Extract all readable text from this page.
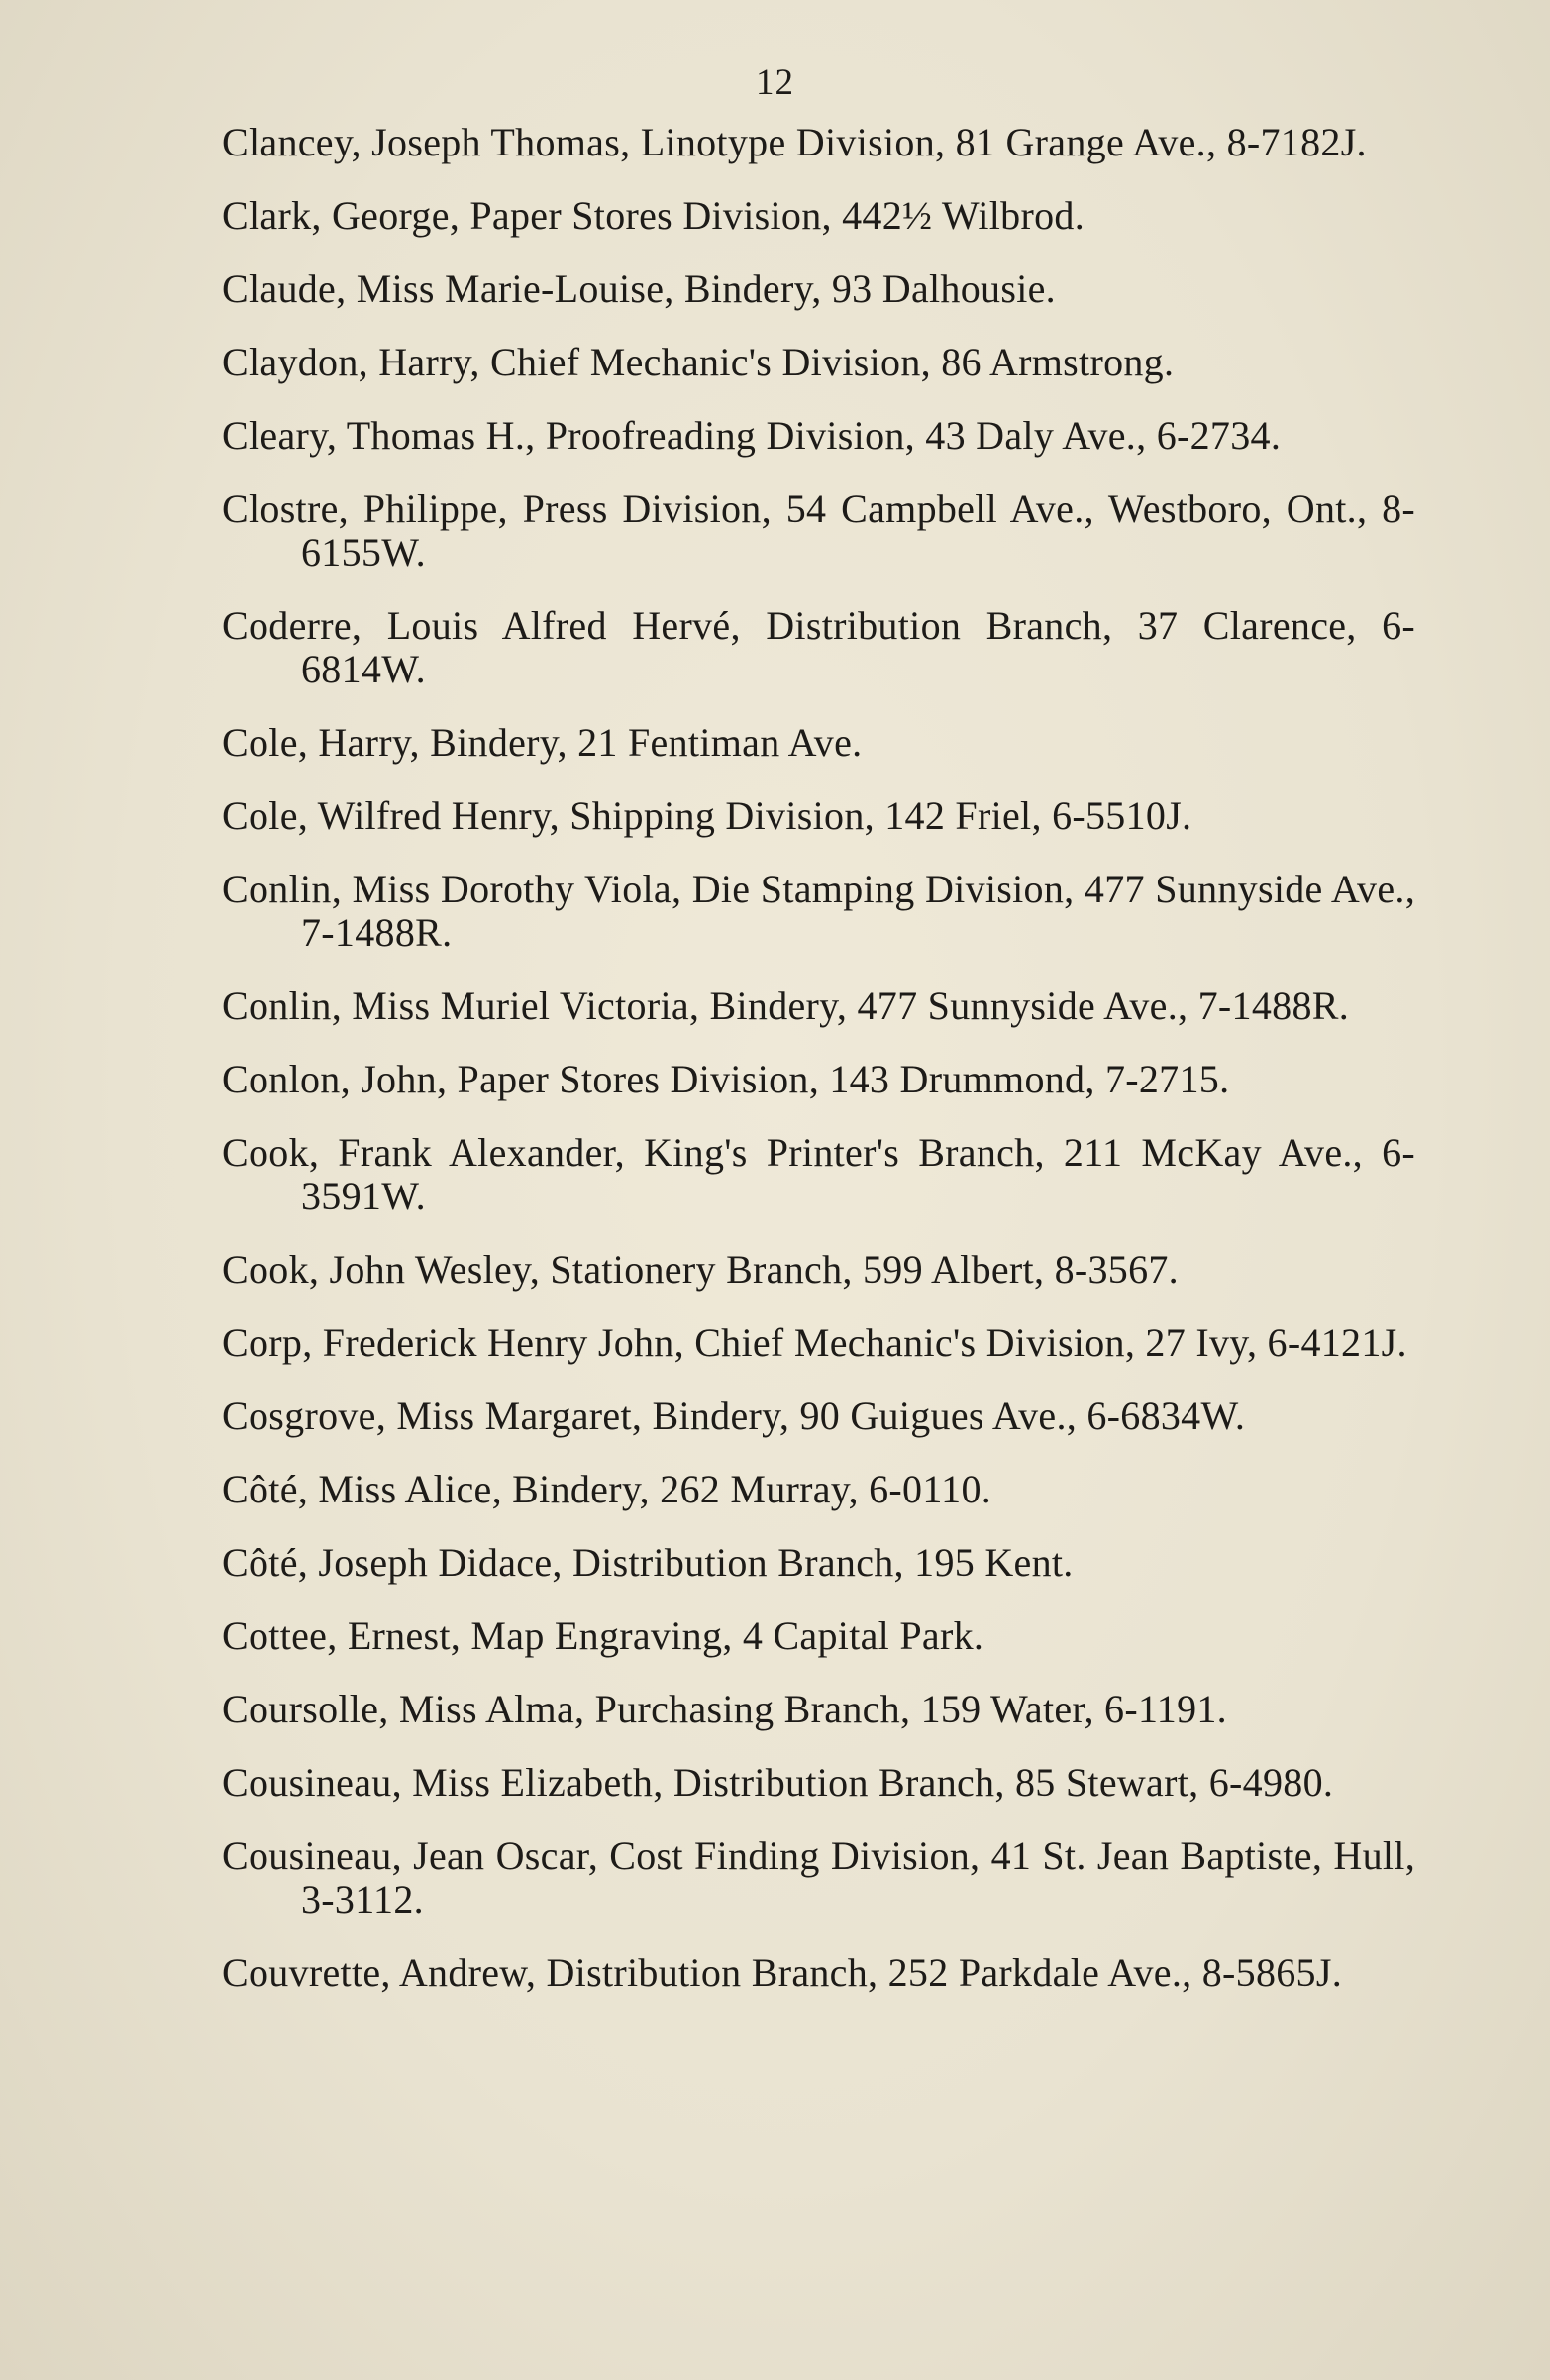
12
Clancey, Joseph Thomas, Linotype Division, 81 Grange Ave., 8-7182J.
Clark, George, Paper Stores Division, 442½ Wilbrod.
Claude, Miss Marie-Louise, Bindery, 93 Dalhousie.
Claydon, Harry, Chief Mechanic's Division, 86 Armstrong.
Cleary, Thomas H., Proofreading Division, 43 Daly Ave., 6-2734.
Clostre, Philippe, Press Division, 54 Campbell Ave., Westboro, Ont., 8-6155W.
Coderre, Louis Alfred Hervé, Distribution Branch, 37 Clarence, 6-6814W.
Cole, Harry, Bindery, 21 Fentiman Ave.
Cole, Wilfred Henry, Shipping Division, 142 Friel, 6-5510J.
Conlin, Miss Dorothy Viola, Die Stamping Division, 477 Sunnyside Ave., 7-1488R.
Conlin, Miss Muriel Victoria, Bindery, 477 Sunnyside Ave., 7-1488R.
Conlon, John, Paper Stores Division, 143 Drummond, 7-2715.
Cook, Frank Alexander, King's Printer's Branch, 211 McKay Ave., 6-3591W.
Cook, John Wesley, Stationery Branch, 599 Albert, 8-3567.
Corp, Frederick Henry John, Chief Mechanic's Division, 27 Ivy, 6-4121J.
Cosgrove, Miss Margaret, Bindery, 90 Guigues Ave., 6-6834W.
Côté, Miss Alice, Bindery, 262 Murray, 6-0110.
Côté, Joseph Didace, Distribution Branch, 195 Kent.
Cottee, Ernest, Map Engraving, 4 Capital Park.
Coursolle, Miss Alma, Purchasing Branch, 159 Water, 6-1191.
Cousineau, Miss Elizabeth, Distribution Branch, 85 Stewart, 6-4980.
Cousineau, Jean Oscar, Cost Finding Division, 41 St. Jean Baptiste, Hull, 3-3112.
Couvrette, Andrew, Distribution Branch, 252 Parkdale Ave., 8-5865J.
